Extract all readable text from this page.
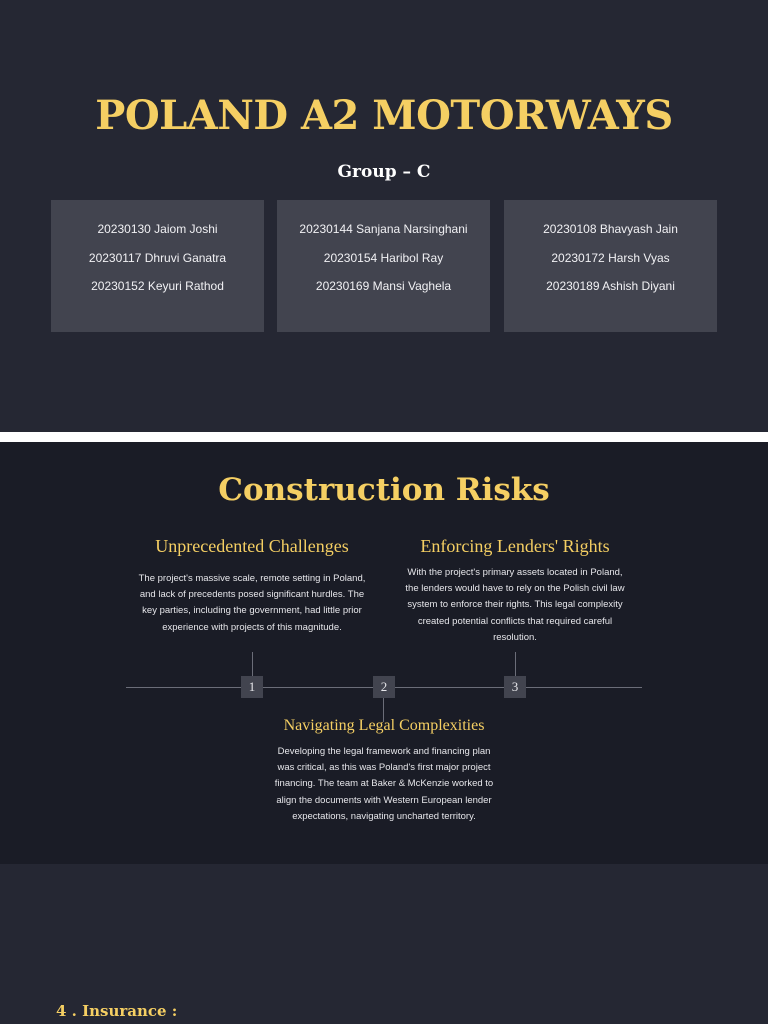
POLAND A2 MOTORWAYS
Group – C
20230130 Jaiom Joshi
20230117 Dhruvi Ganatra
20230152 Keyuri Rathod
20230144 Sanjana Narsinghani
20230154 Haribol Ray
20230169 Mansi Vaghela
20230108 Bhavyash Jain
20230172 Harsh Vyas
20230189 Ashish Diyani
Construction Risks
Unprecedented Challenges
The project's massive scale, remote setting in Poland, and lack of precedents posed significant hurdles. The key parties, including the government, had little prior experience with projects of this magnitude.
Enforcing Lenders' Rights
With the project's primary assets located in Poland, the lenders would have to rely on the Polish civil law system to enforce their rights. This legal complexity created potential conflicts that required careful resolution.
1	2	3
Navigating Legal Complexities
Developing the legal framework and financing plan was critical, as this was Poland's first major project financing. The team at Baker & McKenzie worked to align the documents with Western European lender expectations, navigating uncharted territory.
4 . Insurance :
